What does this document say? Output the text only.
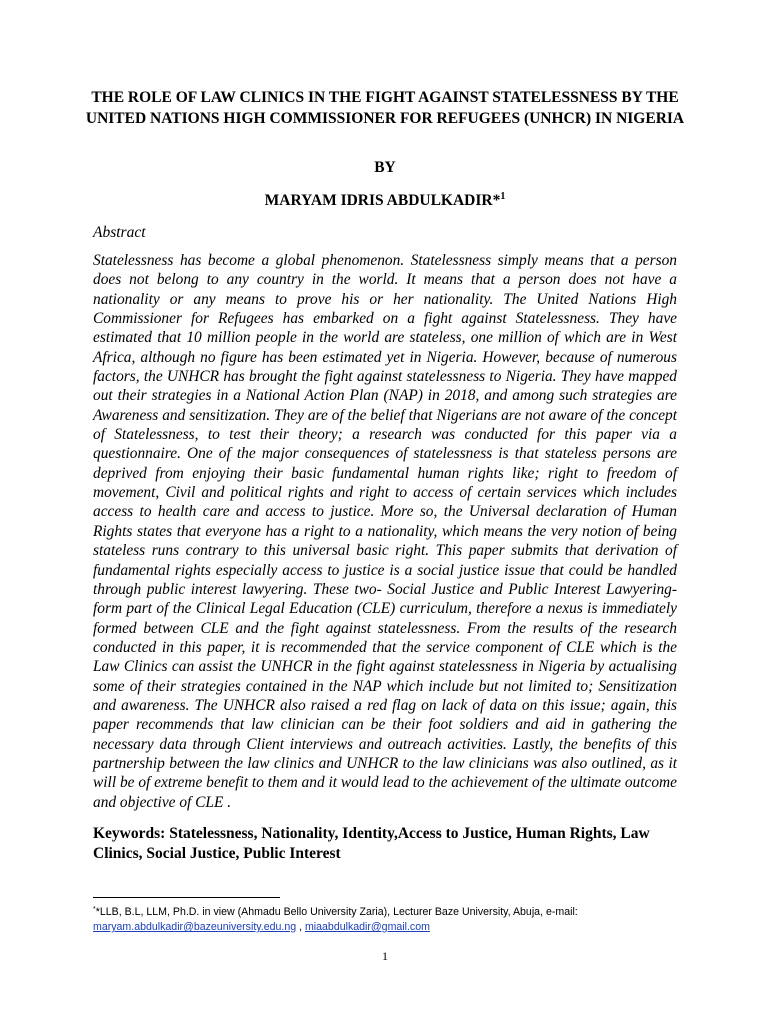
THE ROLE OF LAW CLINICS IN THE FIGHT AGAINST STATELESSNESS BY THE UNITED NATIONS HIGH COMMISSIONER FOR REFUGEES (UNHCR) IN NIGERIA

BY

MARYAM IDRIS ABDULKADIR*$^1$

Abstract

Statelessness has become a global phenomenon. Statelessness simply means that a person does not belong to any country in the world. It means that a person does not have a nationality or any means to prove his or her nationality. The United Nations High Commissioner for Refugees has embarked on a fight against Statelessness. They have estimated that 10 million people in the world are stateless, one million of which are in West Africa, although no figure has been estimated yet in Nigeria. However, because of numerous factors, the UNHCR has brought the fight against statelessness to Nigeria. They have mapped out their strategies in a National Action Plan (NAP) in 2018, and among such strategies are Awareness and sensitization. They are of the belief that Nigerians are not aware of the concept of Statelessness, to test their theory; a research was conducted for this paper via a questionnaire. One of the major consequences of statelessness is that stateless persons are deprived from enjoying their basic fundamental human rights like; right to freedom of movement, Civil and political rights and right to access of certain services which includes access to health care and access to justice. More so, the Universal declaration of Human Rights states that everyone has a right to a nationality, which means the very notion of being stateless runs contrary to this universal basic right. This paper submits that derivation of fundamental rights especially access to justice is a social justice issue that could be handled through public interest lawyering. These two- Social Justice and Public Interest Lawyering- form part of the Clinical Legal Education (CLE) curriculum, therefore a nexus is immediately formed between CLE and the fight against statelessness. From the results of the research conducted in this paper, it is recommended that the service component of CLE which is the Law Clinics can assist the UNHCR in the fight against statelessness in Nigeria by actualising some of their strategies contained in the NAP which include but not limited to; Sensitization and awareness. The UNHCR also raised a red flag on lack of data on this issue; again, this paper recommends that law clinician can be their foot soldiers and aid in gathering the necessary data through Client interviews and outreach activities. Lastly, the benefits of this partnership between the law clinics and UNHCR to the law clinicians was also outlined, as it will be of extreme benefit to them and it would lead to the achievement of the ultimate outcome and objective of CLE .

Keywords: Statelessness, Nationality, Identity,Access to Justice, Human Rights, Law Clinics, Social Justice, Public Interest

**LLB, B.L, LLM, Ph.D. in view (Ahmadu Bello University Zaria), Lecturer Baze University, Abuja, e-mail:
maryam.abdulkadir@bazeuniversity.edu.ng , miaabdulkadir@gmail.com

1
